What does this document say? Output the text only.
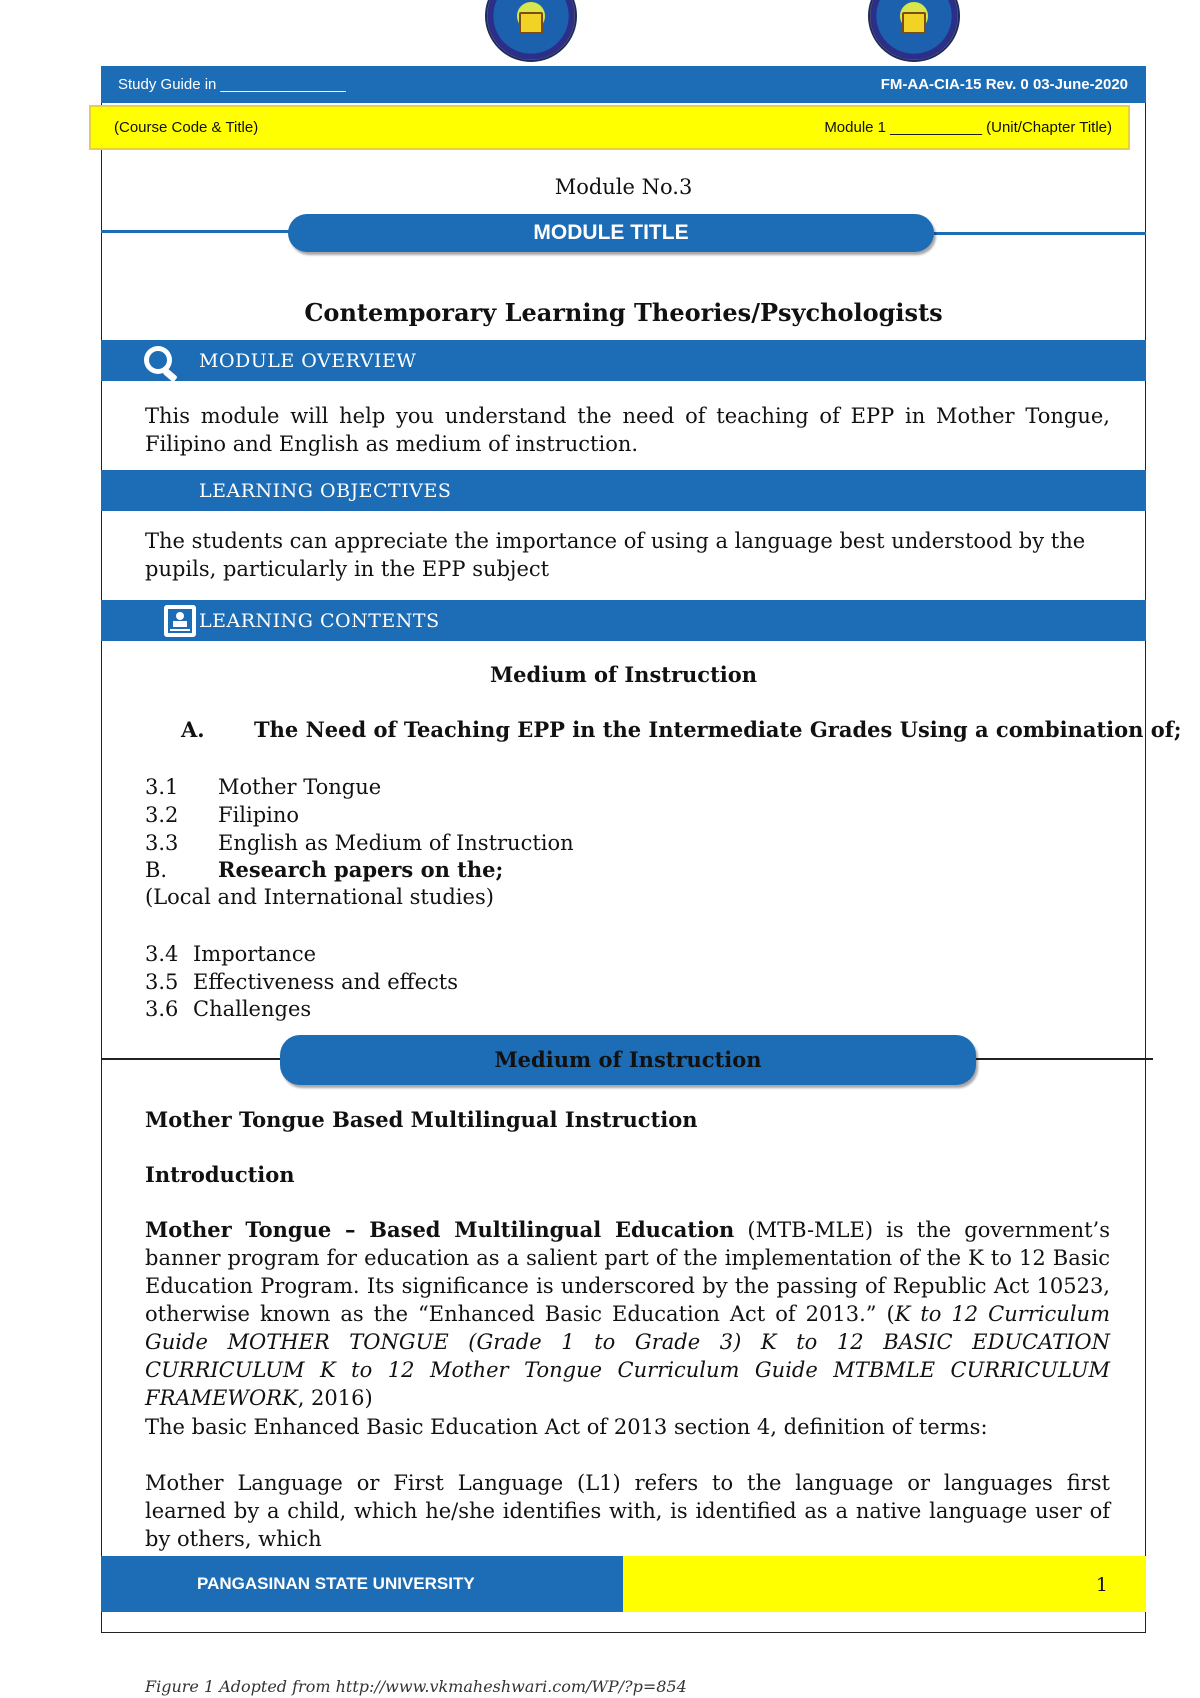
Study Guide in _______________	FM-AA-CIA-15 Rev. 0 03-June-2020
(Course Code & Title)	Module 1 ___________ (Unit/Chapter Title)
Module No.3
MODULE TITLE
Contemporary Learning Theories/Psychologists
MODULE OVERVIEW
This module will help you understand the need of teaching of EPP in Mother Tongue, Filipino and English as medium of instruction.
LEARNING OBJECTIVES
The students can appreciate the importance of using a language best understood by the pupils, particularly in the EPP subject
LEARNING CONTENTS
Medium of Instruction
A. The Need of Teaching EPP in the Intermediate Grades Using a combination of;
3.1 Mother Tongue
3.2 Filipino
3.3 English as Medium of Instruction
B. Research papers on the;
(Local and International studies)
3.4 Importance
3.5 Effectiveness and effects
3.6 Challenges
Medium of Instruction
Mother Tongue Based Multilingual Instruction
Introduction
Mother Tongue – Based Multilingual Education (MTB-MLE) is the government’s banner program for education as a salient part of the implementation of the K to 12 Basic Education Program. Its significance is underscored by the passing of Republic Act 10523, otherwise known as the “Enhanced Basic Education Act of 2013.” (K to 12 Curriculum Guide MOTHER TONGUE (Grade 1 to Grade 3) K to 12 BASIC EDUCATION CURRICULUM K to 12 Mother Tongue Curriculum Guide MTBMLE CURRICULUM FRAMEWORK, 2016)
The basic Enhanced Basic Education Act of 2013 section 4, definition of terms:
Mother Language or First Language (L1) refers to the language or languages first learned by a child, which he/she identifies with, is identified as a native language user of by others, which
PANGASINAN STATE UNIVERSITY	1
Figure 1 Adopted from http://www.vkmaheshwari.com/WP/?p=854
